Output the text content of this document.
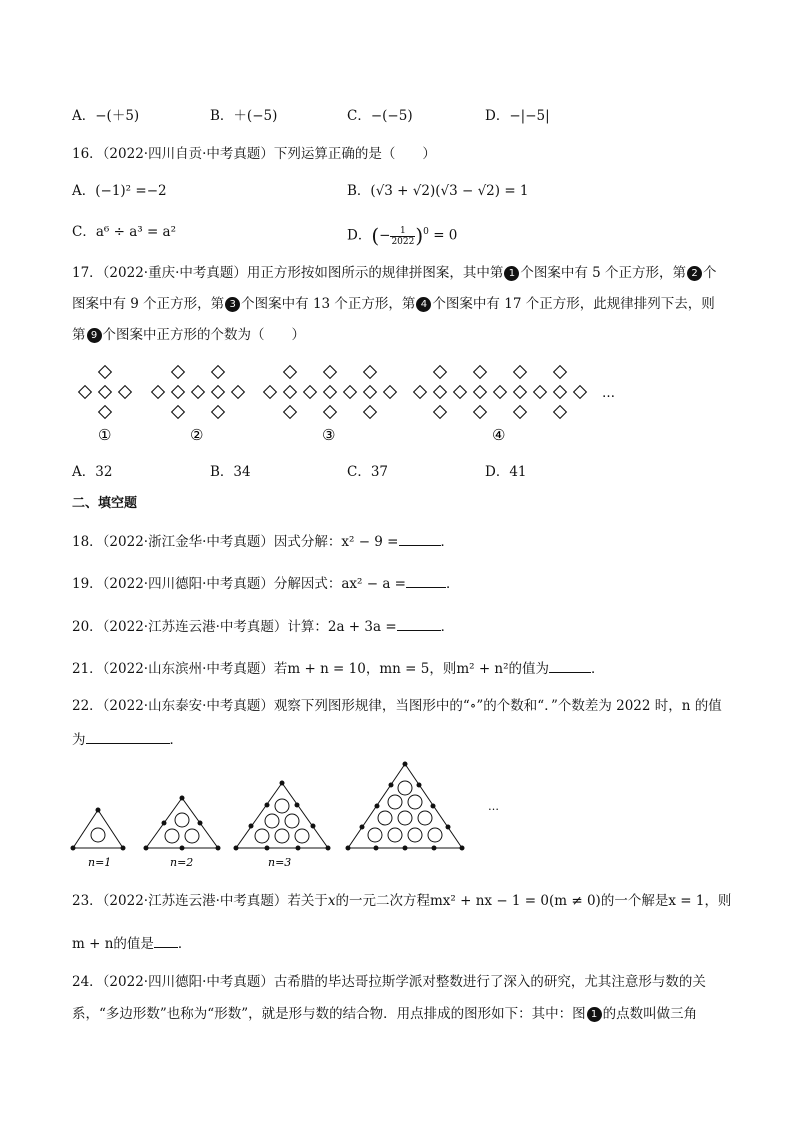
A．−(＋5)	B．＋(−5)	C．−(−5)	D．−|−5|
16．（2022·四川自贡·中考真题）下列运算正确的是（　　）
A．(−1)² =−2	B．(√3 + √2)(√3 − √2) = 1
C．a⁶ ÷ a³ = a²	D．(− $\frac{1}{2022} )^0 = 0$
17．（2022·重庆·中考真题）用正方形按如图所示的规律拼图案，其中第 1 个图案中有 5 个正方形，第 2 个
图案中有 9 个正方形，第 3 个图案中有 13 个正方形，第 4 个图案中有 17 个正方形，此规律排列下去，则
第 9 个图案中正方形的个数为（　　）
…
①	②	③	④
A．32	B．34	C．37	D．41
二、填空题
18．（2022·浙江金华·中考真题）因式分解：x² − 9 =	．
19．（2022·四川德阳·中考真题）分解因式：ax² − a =	．
20．（2022·江苏连云港·中考真题）计算：2a + 3a =	．
21．（2022·山东滨州·中考真题）若m + n = 10，mn = 5，则m² + n²的值为	．
22．（2022·山东泰安·中考真题）观察下列图形规律，当图形中的“∘”的个数和“．”个数差为 2022 时，n 的值
为	．
…
n=1	n=2	n=3
23．（2022·江苏连云港·中考真题）若关于x的一元二次方程mx² + nx − 1 = 0(m ≠ 0)的一个解是x = 1，则
m + n的值是 ．
24．（2022·四川德阳·中考真题）古希腊的毕达哥拉斯学派对整数进行了深入的研究，尤其注意形与数的关
系，“多边形数”也称为“形数”，就是形与数的结合物．用点排成的图形如下：其中：图 1 的点数叫做三角
